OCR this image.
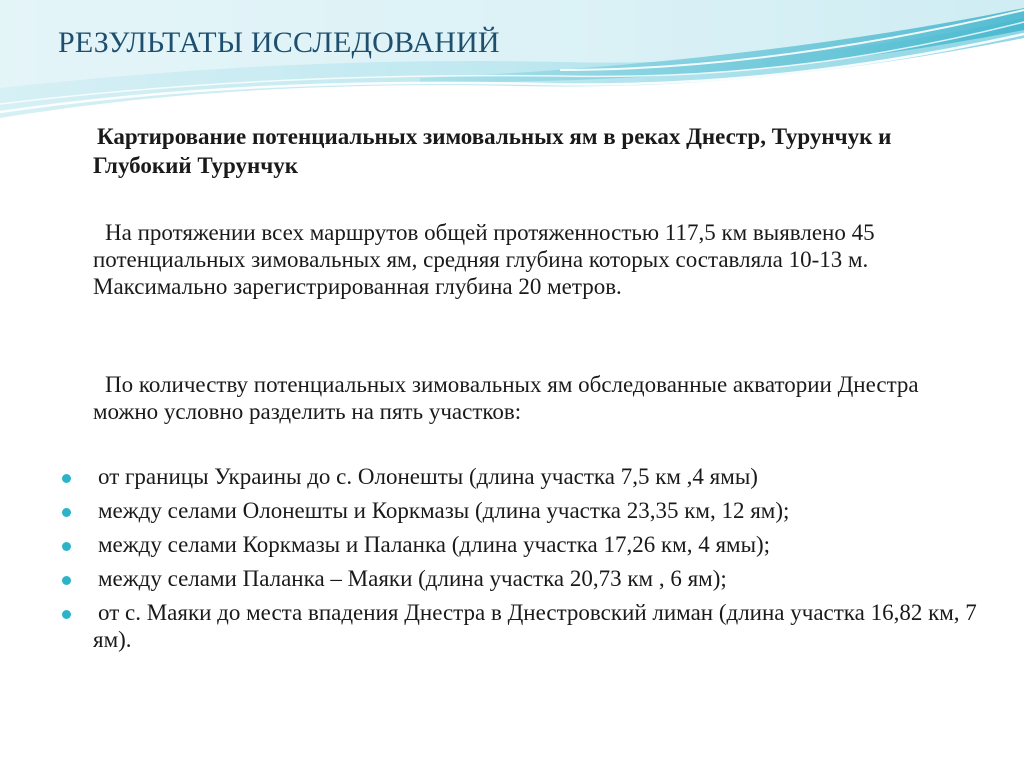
РЕЗУЛЬТАТЫ ИССЛЕДОВАНИЙ
Картирование потенциальных зимовальных ям в реках Днестр, Турунчук и Глубокий Турунчук
На протяжении всех маршрутов общей протяженностью 117,5 км выявлено 45 потенциальных зимовальных ям, средняя глубина которых составляла 10-13 м. Максимально зарегистрированная глубина 20 метров.
По количеству потенциальных зимовальных ям обследованные акватории Днестра можно условно разделить на пять участков:
от границы Украины до с. Олонешты (длина участка 7,5 км ,4 ямы)
между селами Олонешты и Коркмазы (длина участка 23,35 км, 12 ям);
между селами Коркмазы и Паланка (длина участка 17,26 км, 4 ямы);
между селами Паланка – Маяки (длина участка 20,73 км , 6 ям);
от с. Маяки до места впадения Днестра в Днестровский лиман (длина участка 16,82 км, 7 ям).
